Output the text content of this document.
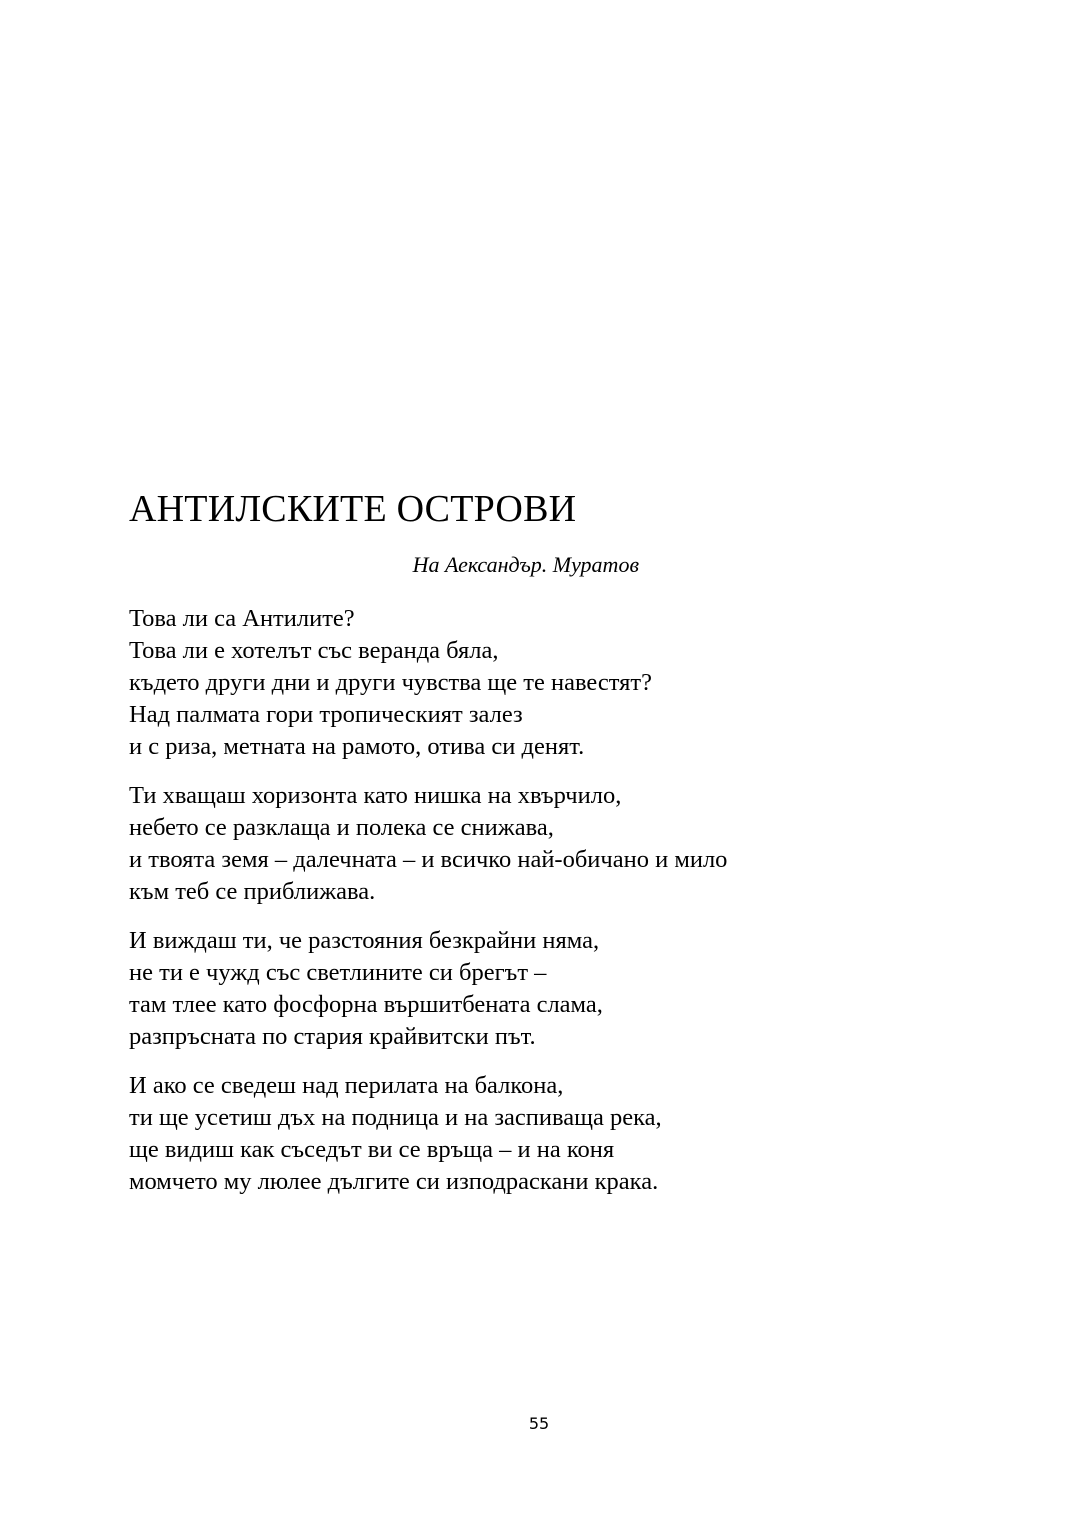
АНТИЛСКИТЕ ОСТРОВИ

На Аександър. Муратов

Това ли са Антилите?
Това ли е хотелът със веранда бяла,
където други дни и други чувства ще те навестят?
Над палмата гори тропическият залез
и с риза, метната на рамото, отива си денят.
Ти хващаш хоризонта като нишка на хвърчило,
небето се разклаща и полека се снижава,
и твоята земя – далечната – и всичко най-обичано и мило
към теб се приближава.
И виждаш ти, че разстояния безкрайни няма,
не ти е чужд със светлините си брегът –
там тлее като фосфорна вършитбената слама,
разпръсната по стария крайвитски път.
И ако се сведеш над перилата на балкона,
ти ще усетиш дъх на подница и на заспиваща река,
ще видиш как съседът ви се връща – и на коня
момчето му люлее дългите си изподраскани крака.
55
